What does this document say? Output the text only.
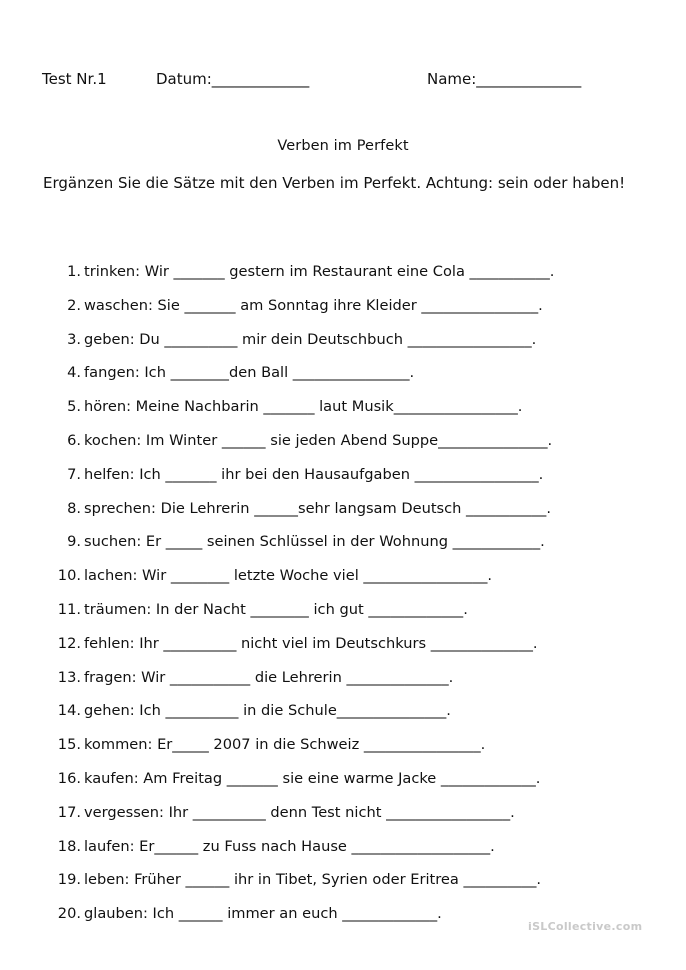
Test Nr.1	Datum:_____________	Name:______________
Verben im Perfekt
Ergänzen Sie die Sätze mit den Verben im Perfekt. Achtung: sein oder haben!
1. trinken: Wir _______ gestern im Restaurant eine Cola ___________.
2. waschen: Sie _______ am Sonntag ihre Kleider ________________.
3. geben: Du __________ mir dein Deutschbuch _________________.
4. fangen: Ich ________den Ball ________________.
5. hören: Meine Nachbarin _______ laut Musik_________________.
6. kochen: Im Winter ______ sie jeden Abend Suppe_______________.
7. helfen: Ich _______ ihr bei den Hausaufgaben _________________.
8. sprechen: Die Lehrerin ______sehr langsam Deutsch ___________.
9. suchen: Er _____ seinen Schlüssel in der Wohnung ____________.
10. lachen: Wir ________ letzte Woche viel _________________.
11. träumen: In der Nacht ________ ich gut _____________.
12. fehlen: Ihr __________ nicht viel im Deutschkurs ______________.
13. fragen: Wir ___________ die Lehrerin ______________.
14. gehen: Ich __________ in die Schule_______________.
15. kommen: Er_____ 2007 in die Schweiz ________________.
16. kaufen: Am Freitag _______ sie eine warme Jacke _____________.
17. vergessen: Ihr __________ denn Test nicht _________________.
18. laufen: Er______ zu Fuss nach Hause ___________________.
19. leben: Früher ______ ihr in Tibet, Syrien oder Eritrea __________.
20. glauben: Ich ______ immer an euch _____________.
iSLCollective.com
